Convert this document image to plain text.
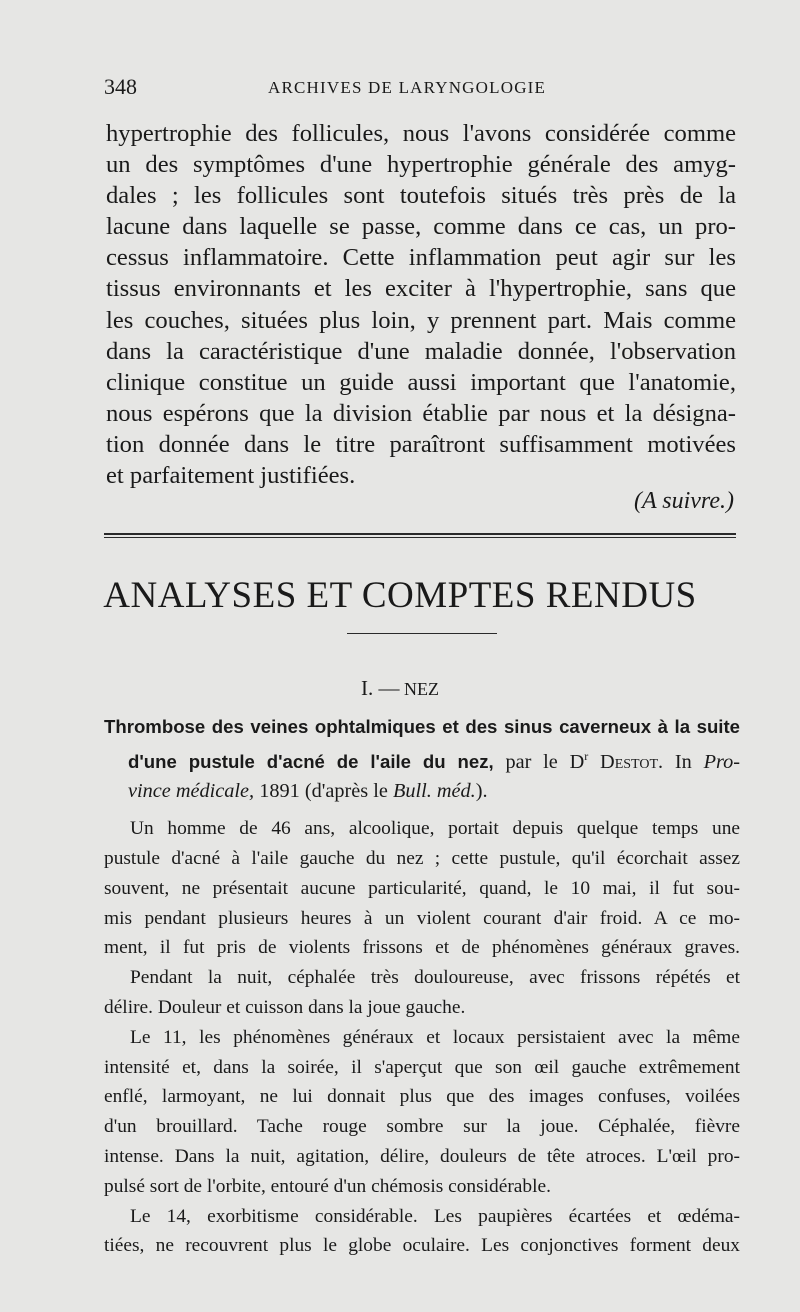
348	ARCHIVES DE LARYNGOLOGIE
hypertrophie des follicules, nous l'avons considérée comme
un des symptômes d'une hypertrophie générale des amyg-
dales ; les follicules sont toutefois situés très près de la
lacune dans laquelle se passe, comme dans ce cas, un pro-
cessus inflammatoire. Cette inflammation peut agir sur les
tissus environnants et les exciter à l'hypertrophie, sans que
les couches, situées plus loin, y prennent part. Mais comme
dans la caractéristique d'une maladie donnée, l'observation
clinique constitue un guide aussi important que l'anatomie,
nous espérons que la division établie par nous et la désigna-
tion donnée dans le titre paraîtront suffisamment motivées
et parfaitement justifiées.
(A suivre.)
ANALYSES ET COMPTES RENDUS
I. — NEZ
Thrombose des veines ophtalmiques et des sinus caverneux à la suite
d'une pustule d'acné de l'aile du nez, par le $D^r$ Destot. In Pro-
vince médicale, 1891 (d'après le Bull. méd.).
Un homme de 46 ans, alcoolique, portait depuis quelque temps une
pustule d'acné à l'aile gauche du nez ; cette pustule, qu'il écorchait assez
souvent, ne présentait aucune particularité, quand, le 10 mai, il fut sou-
mis pendant plusieurs heures à un violent courant d'air froid. A ce mo-
ment, il fut pris de violents frissons et de phénomènes généraux graves.
Pendant la nuit, céphalée très douloureuse, avec frissons répétés et
délire. Douleur et cuisson dans la joue gauche.
Le 11, les phénomènes généraux et locaux persistaient avec la même
intensité et, dans la soirée, il s'aperçut que son œil gauche extrêmement
enflé, larmoyant, ne lui donnait plus que des images confuses, voilées
d'un brouillard. Tache rouge sombre sur la joue. Céphalée, fièvre
intense. Dans la nuit, agitation, délire, douleurs de tête atroces. L'œil pro-
pulsé sort de l'orbite, entouré d'un chémosis considérable.
Le 14, exorbitisme considérable. Les paupières écartées et œdéma-
tiées, ne recouvrent plus le globe oculaire. Les conjonctives forment deux
